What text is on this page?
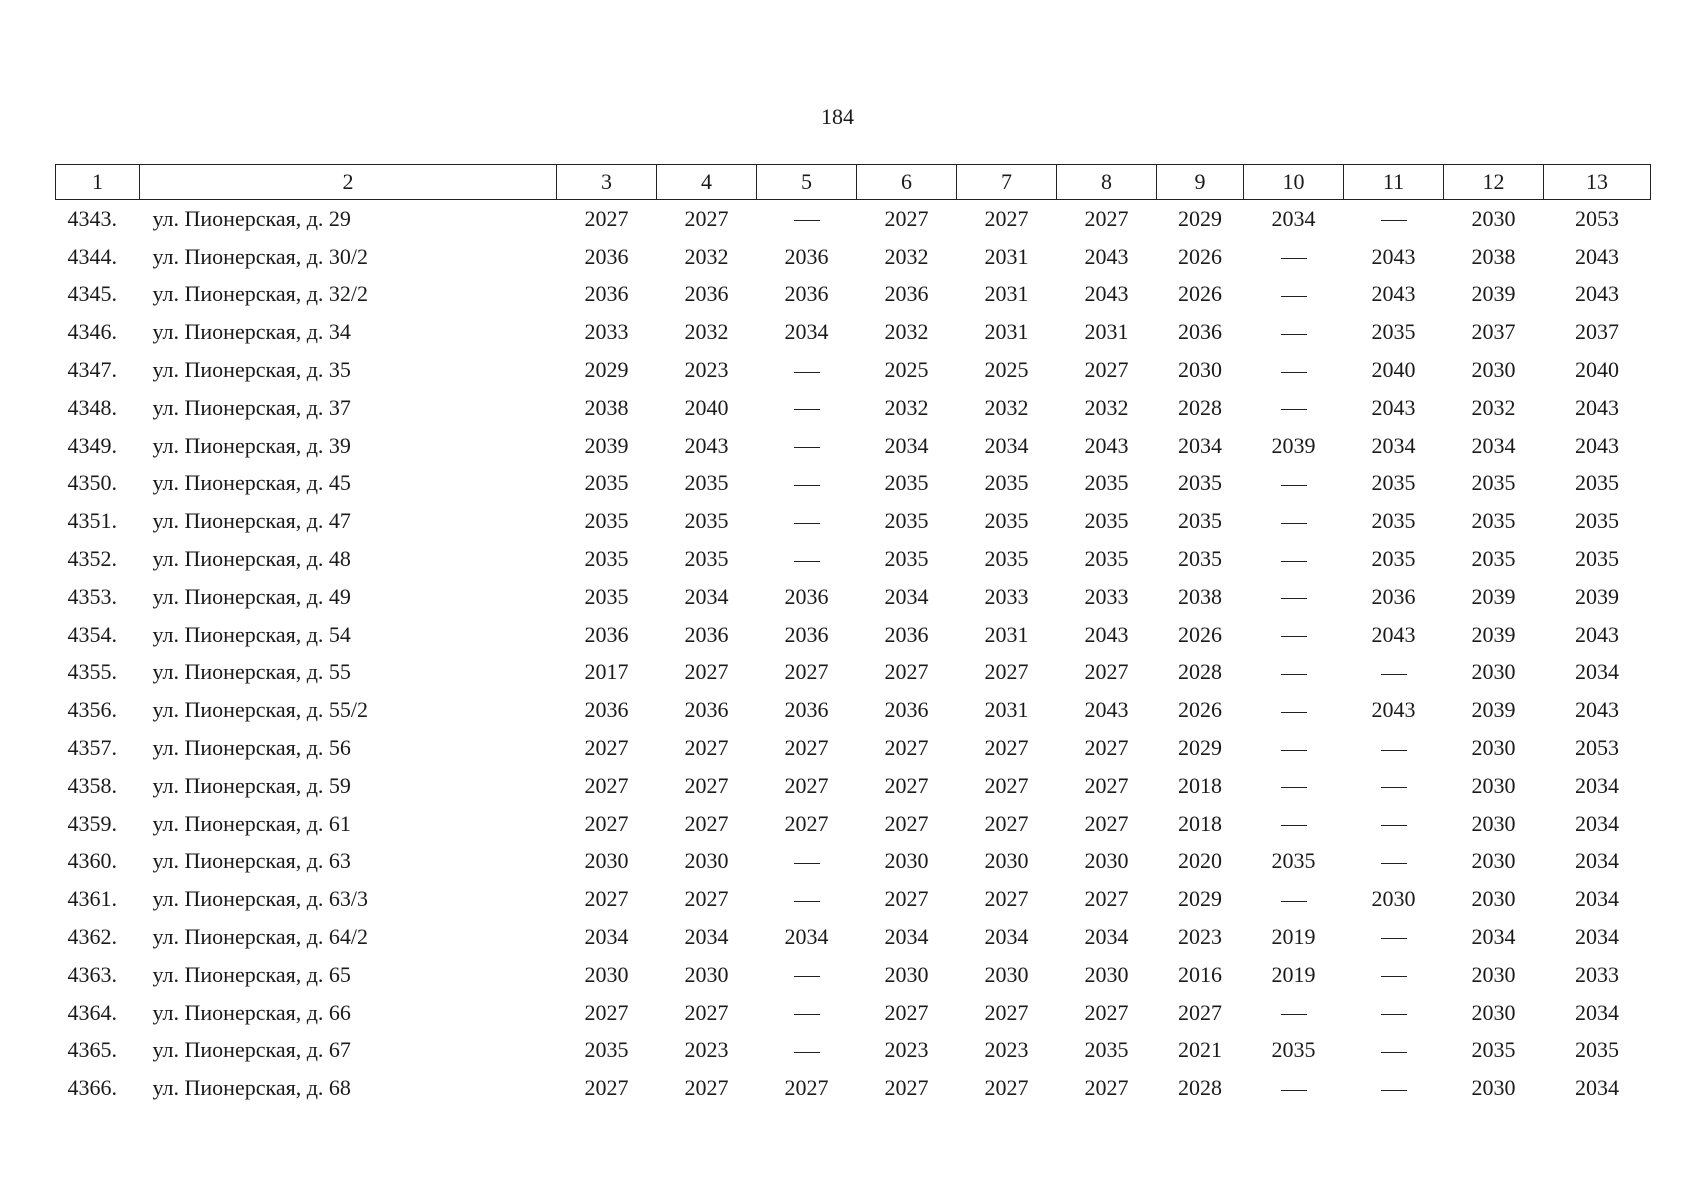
184
1	2	3	4	5	6	7	8	9	10	11	12	13
4343.	ул. Пионерская, д. 29	2027	2027		2027	2027	2027	2029	2034		2030	2053
4344.	ул. Пионерская, д. 30/2	2036	2032	2036	2032	2031	2043	2026		2043	2038	2043
4345.	ул. Пионерская, д. 32/2	2036	2036	2036	2036	2031	2043	2026		2043	2039	2043
4346.	ул. Пионерская, д. 34	2033	2032	2034	2032	2031	2031	2036		2035	2037	2037
4347.	ул. Пионерская, д. 35	2029	2023		2025	2025	2027	2030		2040	2030	2040
4348.	ул. Пионерская, д. 37	2038	2040		2032	2032	2032	2028		2043	2032	2043
4349.	ул. Пионерская, д. 39	2039	2043		2034	2034	2043	2034	2039	2034	2034	2043
4350.	ул. Пионерская, д. 45	2035	2035		2035	2035	2035	2035		2035	2035	2035
4351.	ул. Пионерская, д. 47	2035	2035		2035	2035	2035	2035		2035	2035	2035
4352.	ул. Пионерская, д. 48	2035	2035		2035	2035	2035	2035		2035	2035	2035
4353.	ул. Пионерская, д. 49	2035	2034	2036	2034	2033	2033	2038		2036	2039	2039
4354.	ул. Пионерская, д. 54	2036	2036	2036	2036	2031	2043	2026		2043	2039	2043
4355.	ул. Пионерская, д. 55	2017	2027	2027	2027	2027	2027	2028			2030	2034
4356.	ул. Пионерская, д. 55/2	2036	2036	2036	2036	2031	2043	2026		2043	2039	2043
4357.	ул. Пионерская, д. 56	2027	2027	2027	2027	2027	2027	2029			2030	2053
4358.	ул. Пионерская, д. 59	2027	2027	2027	2027	2027	2027	2018			2030	2034
4359.	ул. Пионерская, д. 61	2027	2027	2027	2027	2027	2027	2018			2030	2034
4360.	ул. Пионерская, д. 63	2030	2030		2030	2030	2030	2020	2035		2030	2034
4361.	ул. Пионерская, д. 63/3	2027	2027		2027	2027	2027	2029		2030	2030	2034
4362.	ул. Пионерская, д. 64/2	2034	2034	2034	2034	2034	2034	2023	2019		2034	2034
4363.	ул. Пионерская, д. 65	2030	2030		2030	2030	2030	2016	2019		2030	2033
4364.	ул. Пионерская, д. 66	2027	2027		2027	2027	2027	2027			2030	2034
4365.	ул. Пионерская, д. 67	2035	2023		2023	2023	2035	2021	2035		2035	2035
4366.	ул. Пионерская, д. 68	2027	2027	2027	2027	2027	2027	2028			2030	2034
